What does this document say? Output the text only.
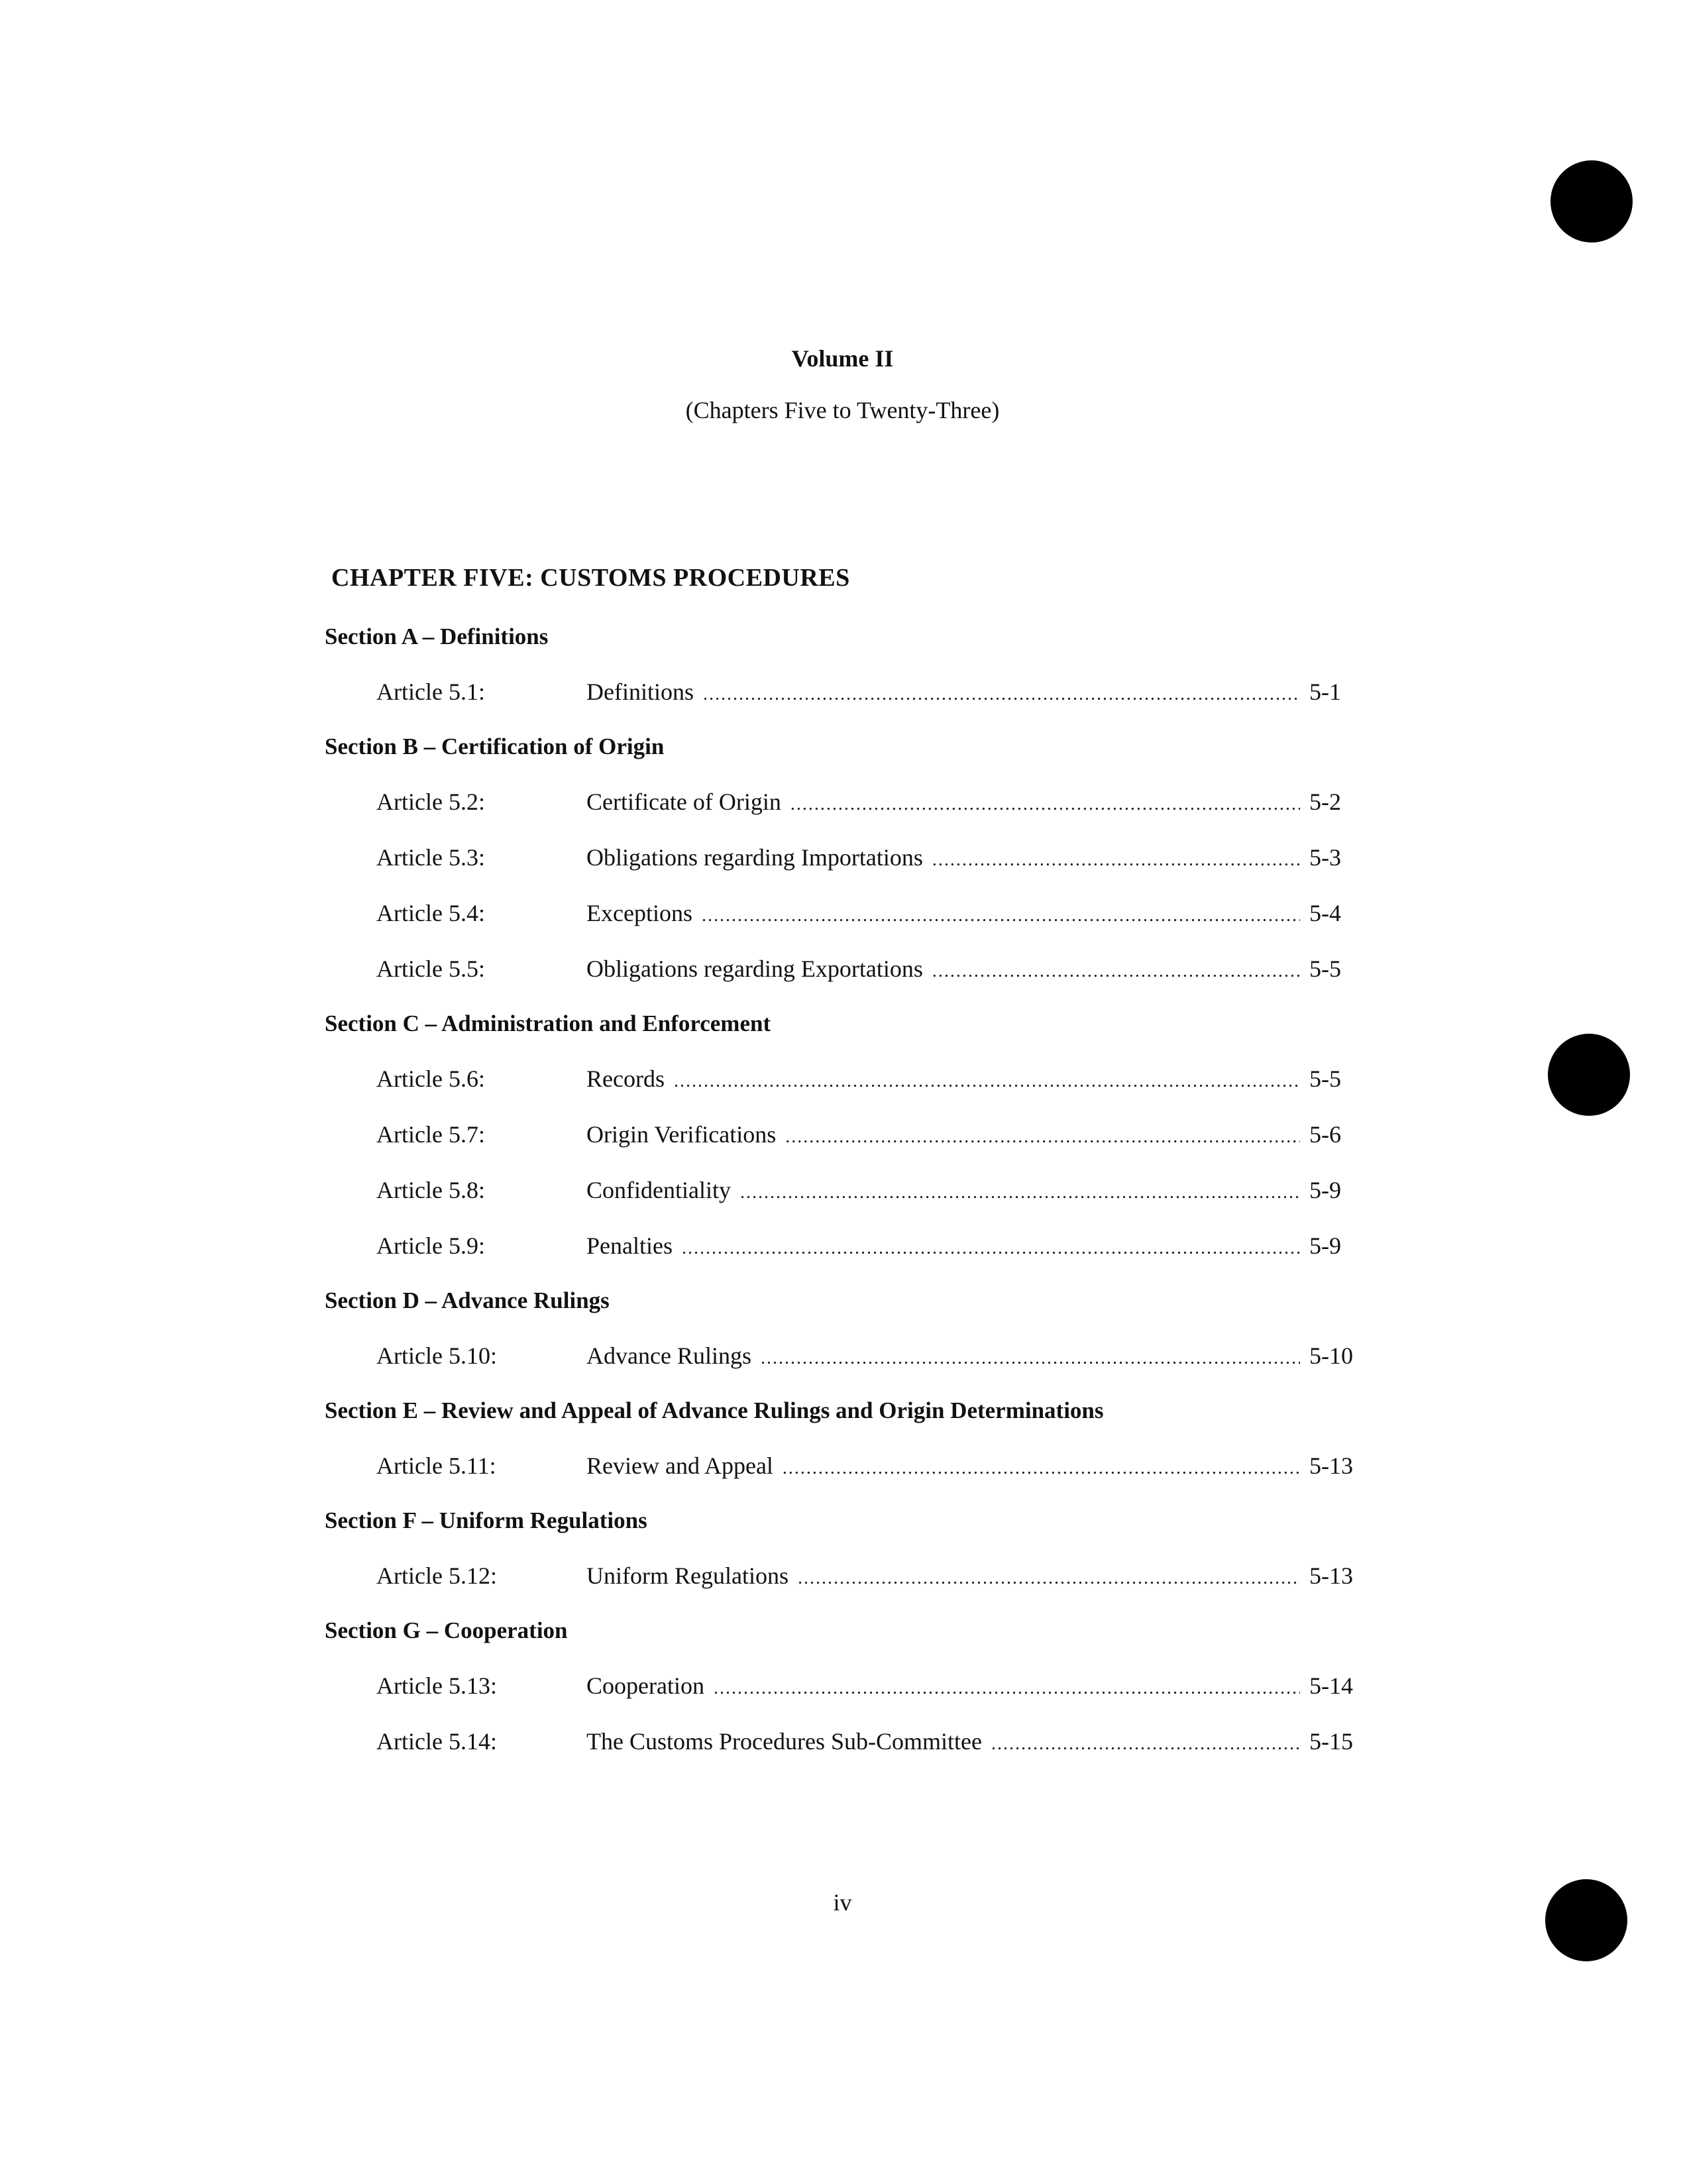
Volume II
(Chapters Five to Twenty-Three)
CHAPTER FIVE: CUSTOMS PROCEDURES
Section A – Definitions
Article 5.1:	Definitions .....	5-1
Section B – Certification of Origin
Article 5.2:	Certificate of Origin .....	5-2
Article 5.3:	Obligations regarding Importations .....	5-3
Article 5.4:	Exceptions .....	5-4
Article 5.5:	Obligations regarding Exportations .....	5-5
Section C – Administration and Enforcement
Article 5.6:	Records .....	5-5
Article 5.7:	Origin Verifications .....	5-6
Article 5.8:	Confidentiality .....	5-9
Article 5.9:	Penalties .....	5-9
Section D – Advance Rulings
Article 5.10:	Advance Rulings .....	5-10
Section E – Review and Appeal of Advance Rulings and Origin Determinations
Article 5.11:	Review and Appeal .....	5-13
Section F – Uniform Regulations
Article 5.12:	Uniform Regulations .....	5-13
Section G – Cooperation
Article 5.13:	Cooperation .....	5-14
Article 5.14:	The Customs Procedures Sub-Committee .....	5-15
iv
